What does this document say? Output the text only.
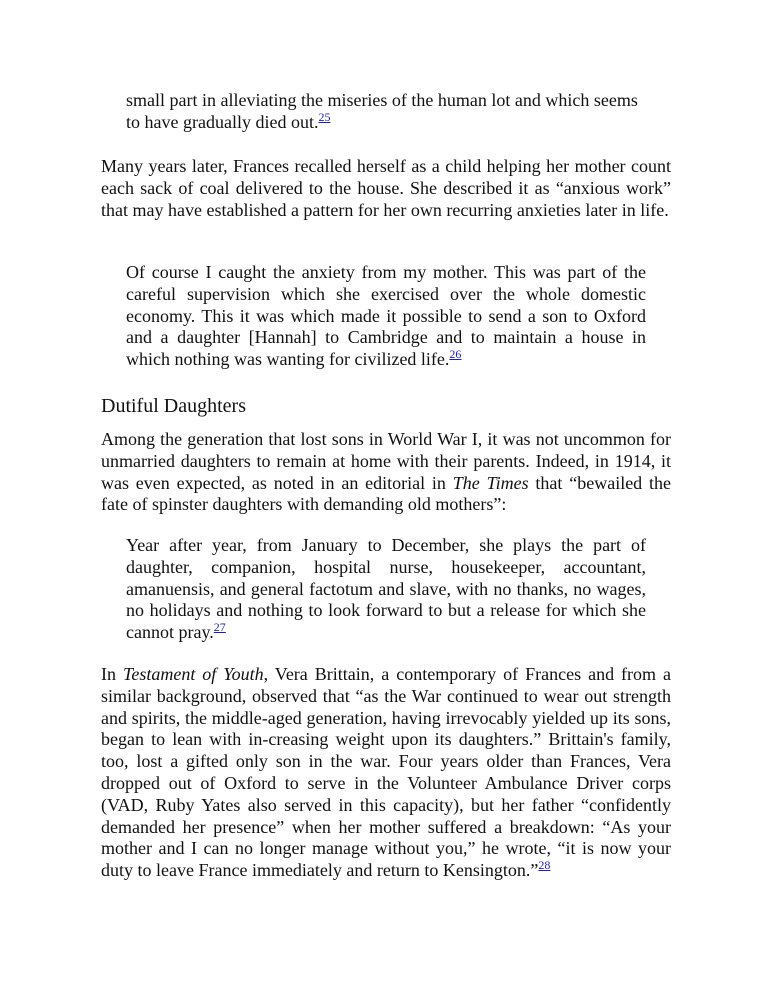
small part in alleviating the miseries of the human lot and which seems to have gradually died out.$^{25}$

Many years later, Frances recalled herself as a child helping her mother count each sack of coal delivered to the house. She described it as “anxious work” that may have established a pattern for her own recurring anxieties later in life.

Of course I caught the anxiety from my mother. This was part of the careful supervision which she exercised over the whole domestic economy. This it was which made it possible to send a son to Oxford and a daughter [Hannah] to Cambridge and to maintain a house in which nothing was wanting for civilized life.$^{26}$

Dutiful Daughters

Among the generation that lost sons in World War I, it was not uncommon for unmarried daughters to remain at home with their parents. Indeed, in 1914, it was even expected, as noted in an editorial in The Times that “bewailed the fate of spinster daughters with demanding old mothers”:

Year after year, from January to December, she plays the part of daughter, companion, hospital nurse, housekeeper, accountant, amanuensis, and general factotum and slave, with no thanks, no wages, no holidays and nothing to look forward to but a release for which she cannot pray.$^{27}$

In Testament of Youth, Vera Brittain, a contemporary of Frances and from a similar background, observed that “as the War continued to wear out strength and spirits, the middle-aged generation, having irrevocably yielded up its sons, began to lean with in-creasing weight upon its daughters.” Brittain's family, too, lost a gifted only son in the war. Four years older than Frances, Vera dropped out of Oxford to serve in the Volunteer Ambulance Driver corps (VAD, Ruby Yates also served in this capacity), but her father “confidently demanded her presence” when her mother suffered a breakdown: “As your mother and I can no longer manage without you,” he wrote, “it is now your duty to leave France immediately and return to Kensington.”$^{28}$
